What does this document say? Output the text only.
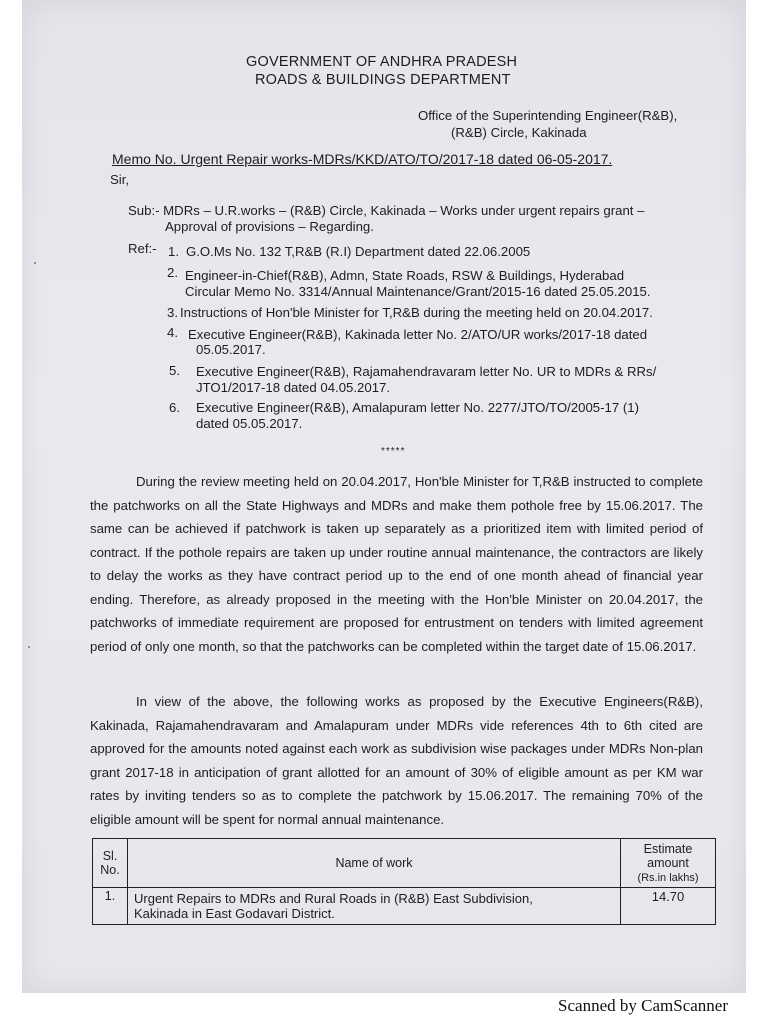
GOVERNMENT OF ANDHRA PRADESH
ROADS & BUILDINGS DEPARTMENT
Office of the Superintending Engineer(R&B),
(R&B) Circle, Kakinada
Memo No. Urgent Repair works-MDRs/KKD/ATO/TO/2017-18 dated 06-05-2017.
Sir,
Sub:- MDRs – U.R.works – (R&B) Circle, Kakinada – Works under urgent repairs grant –
Approval of provisions – Regarding.
Ref:- 1. G.O.Ms No. 132 T,R&B (R.I) Department dated 22.06.2005
2. Engineer-in-Chief(R&B), Admn, State Roads, RSW & Buildings, Hyderabad
Circular Memo No. 3314/Annual Maintenance/Grant/2015-16 dated 25.05.2015.
3. Instructions of Hon'ble Minister for T,R&B during the meeting held on 20.04.2017.
4. Executive Engineer(R&B), Kakinada letter No. 2/ATO/UR works/2017-18 dated
05.05.2017.
5. Executive Engineer(R&B), Rajamahendravaram letter No. UR to MDRs & RRs/
JTO1/2017-18 dated 04.05.2017.
6. Executive Engineer(R&B), Amalapuram letter No. 2277/JTO/TO/2005-17 (1)
dated 05.05.2017.
*****
During the review meeting held on 20.04.2017, Hon'ble Minister for T,R&B instructed to complete the patchworks on all the State Highways and MDRs and make them pothole free by 15.06.2017. The same can be achieved if patchwork is taken up separately as a prioritized item with limited period of contract. If the pothole repairs are taken up under routine annual maintenance, the contractors are likely to delay the works as they have contract period up to the end of one month ahead of financial year ending. Therefore, as already proposed in the meeting with the Hon'ble Minister on 20.04.2017, the patchworks of immediate requirement are proposed for entrustment on tenders with limited agreement period of only one month, so that the patchworks can be completed within the target date of 15.06.2017.
In view of the above, the following works as proposed by the Executive Engineers(R&B), Kakinada, Rajamahendravaram and Amalapuram under MDRs vide references 4th to 6th cited are approved for the amounts noted against each work as subdivision wise packages under MDRs Non-plan grant 2017-18 in anticipation of grant allotted for an amount of 30% of eligible amount as per KM war rates by inviting tenders so as to complete the patchwork by 15.06.2017. The remaining 70% of the eligible amount will be spent for normal annual maintenance.
Sl.
No.	Name of work	Estimate
amount
(Rs.in lakhs)
1.	Urgent Repairs to MDRs and Rural Roads in (R&B) East Subdivision,
Kakinada in East Godavari District.	14.70
Scanned by CamScanner
